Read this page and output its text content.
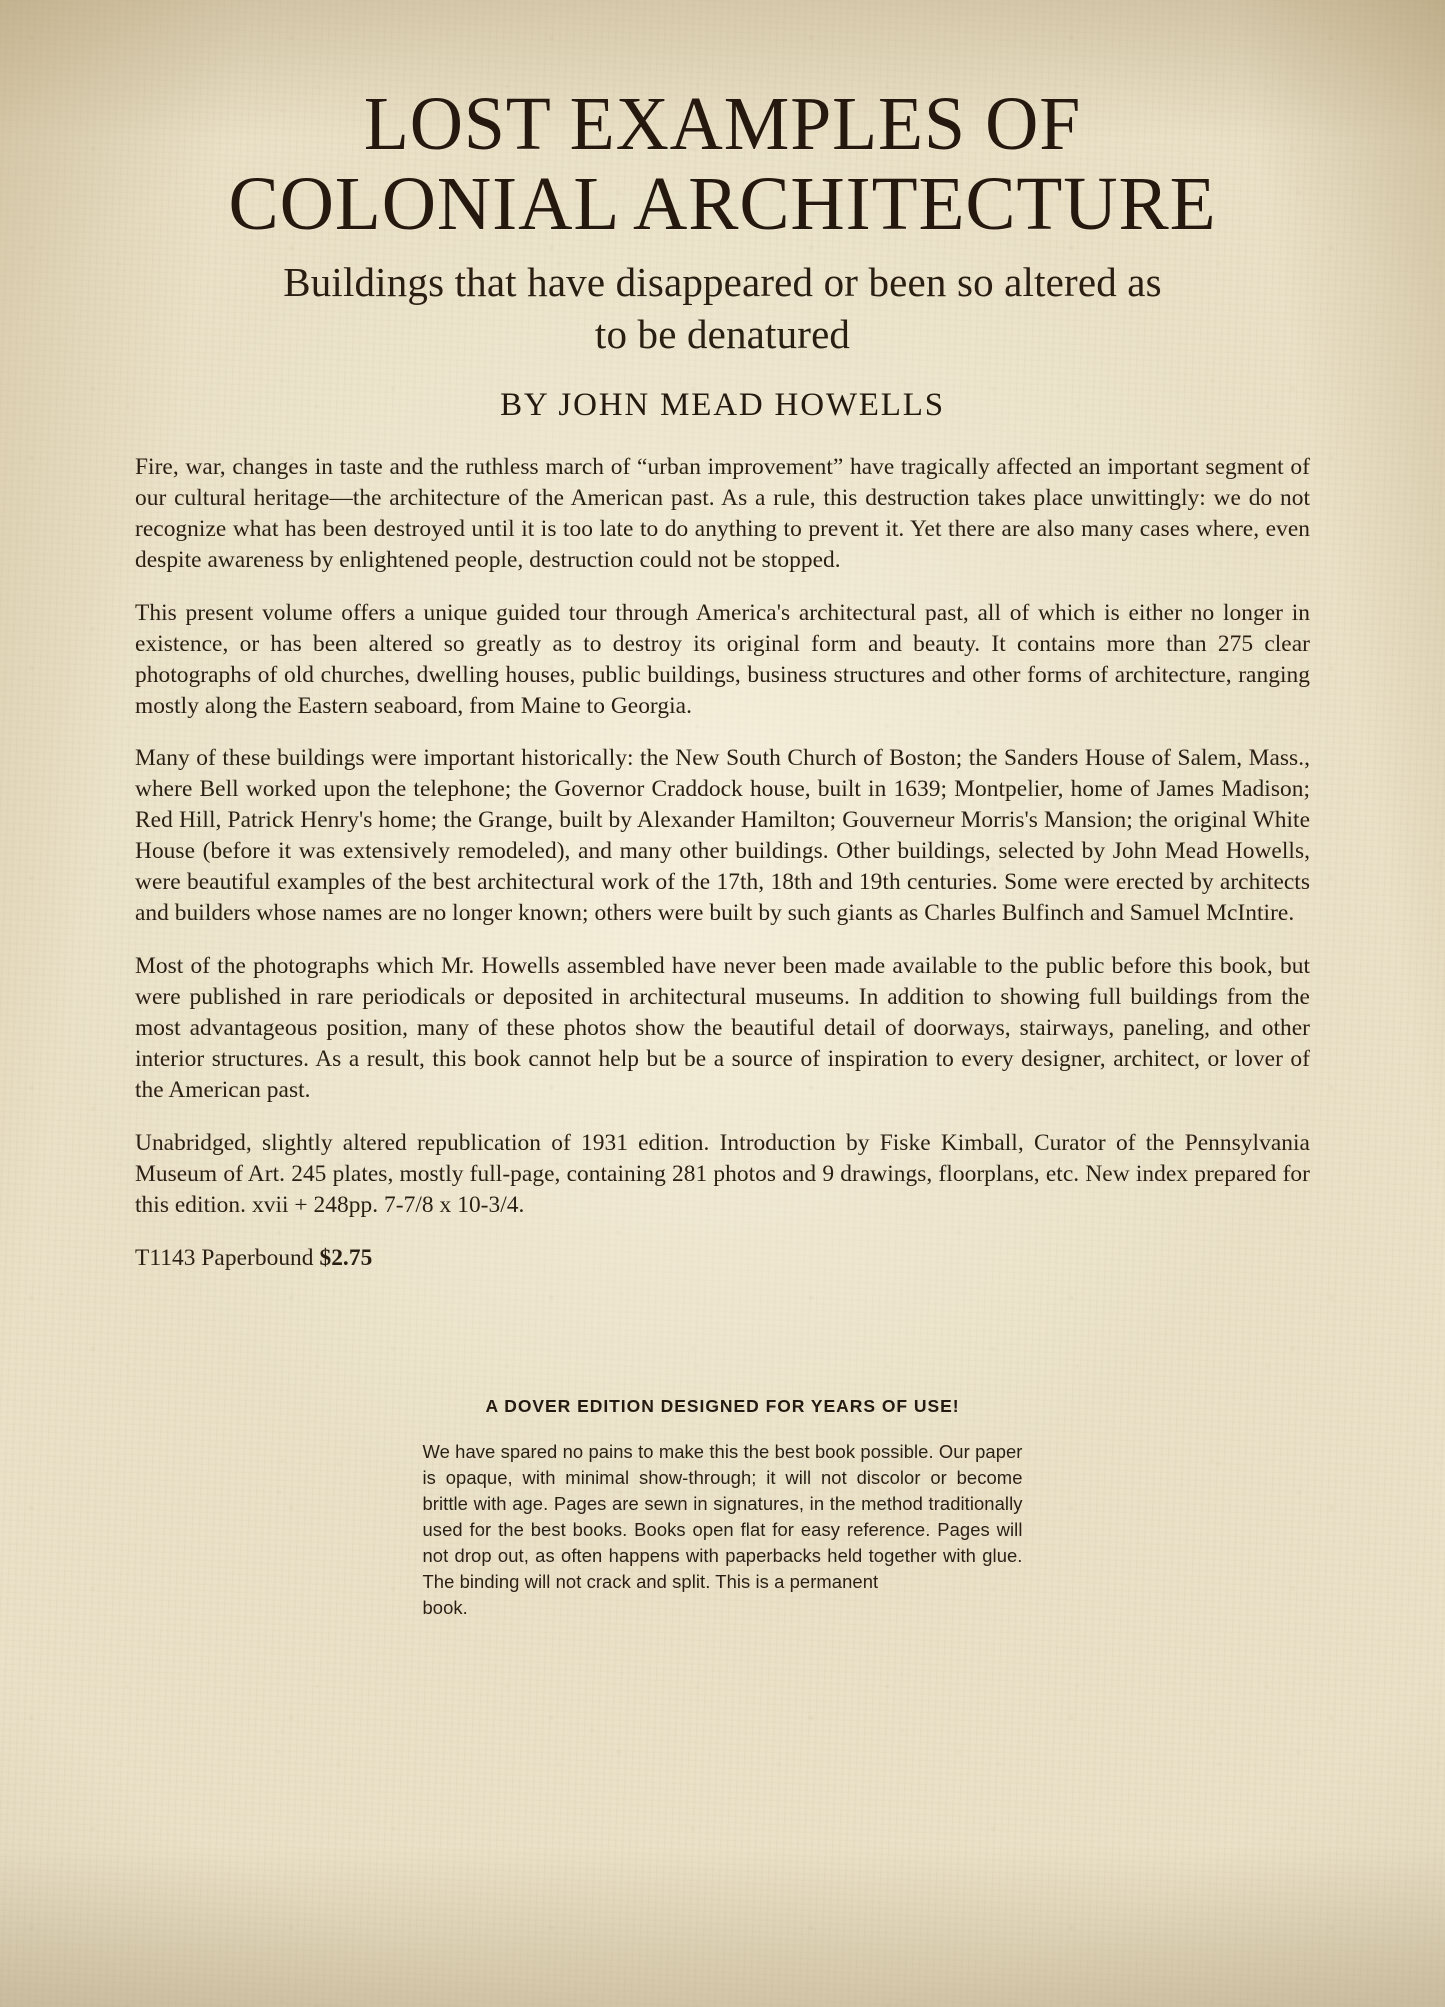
LOST EXAMPLES OF
COLONIAL ARCHITECTURE
Buildings that have disappeared or been so altered as
to be denatured
BY JOHN MEAD HOWELLS

Fire, war, changes in taste and the ruthless march of “urban improvement” have tragically affected an important segment of our cultural heritage—the architecture of the American past. As a rule, this destruction takes place unwittingly: we do not recognize what has been destroyed until it is too late to do anything to prevent it. Yet there are also many cases where, even despite awareness by enlightened people, destruction could not be stopped.

This present volume offers a unique guided tour through America's architectural past, all of which is either no longer in existence, or has been altered so greatly as to destroy its original form and beauty. It contains more than 275 clear photographs of old churches, dwelling houses, public buildings, business structures and other forms of architecture, ranging mostly along the Eastern seaboard, from Maine to Georgia.

Many of these buildings were important historically: the New South Church of Boston; the Sanders House of Salem, Mass., where Bell worked upon the telephone; the Governor Craddock house, built in 1639; Montpelier, home of James Madison; Red Hill, Patrick Henry's home; the Grange, built by Alexander Hamilton; Gouverneur Morris's Mansion; the original White House (before it was extensively remodeled), and many other buildings. Other buildings, selected by John Mead Howells, were beautiful examples of the best architectural work of the 17th, 18th and 19th centuries. Some were erected by architects and builders whose names are no longer known; others were built by such giants as Charles Bulfinch and Samuel McIntire.

Most of the photographs which Mr. Howells assembled have never been made available to the public before this book, but were published in rare periodicals or deposited in architectural museums. In addition to showing full buildings from the most advantageous position, many of these photos show the beautiful detail of doorways, stairways, paneling, and other interior structures. As a result, this book cannot help but be a source of inspiration to every designer, architect, or lover of the American past.

Unabridged, slightly altered republication of 1931 edition. Introduction by Fiske Kimball, Curator of the Pennsylvania Museum of Art. 245 plates, mostly full-page, containing 281 photos and 9 drawings, floorplans, etc. New index prepared for this edition. xvii + 248pp. 7-7/8 x 10-3/4.

T1143 Paperbound $2.75

A DOVER EDITION DESIGNED FOR YEARS OF USE!
We have spared no pains to make this the best book possible. Our paper is opaque, with minimal show-through; it will not discolor or become brittle with age. Pages are sewn in signatures, in the method traditionally used for the best books. Books open flat for easy reference. Pages will not drop out, as often happens with paperbacks held together with glue. The binding will not crack and split. This is a permanent
book.
